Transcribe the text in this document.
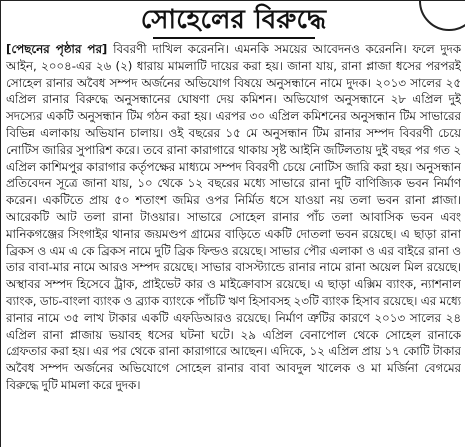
সোহেলের বিরুদ্ধে

[পেছনের পৃষ্ঠার পর] বিবরণী দাখিল করেননি। এমনকি সময়ের আবেদনও করেননি। ফলে দুদক আইন, ২০০৪-এর ২৬ (২) ধারায় মামলাটি দায়ের করা হয়। জানা যায়, রানা প্লাজা ধসের পরপরই সোহেল রানার অবৈধ সম্পদ অর্জনের অভিযোগ বিষয়ে অনুসন্ধানে নামে দুদক। ২০১৩ সালের ২৫ এপ্রিল রানার বিরুদ্ধে অনুসন্ধানের ঘোষণা দেয় কমিশন। অভিযোগ অনুসন্ধানে ২৮ এপ্রিল দুই সদস্যের একটি অনুসন্ধান টিম গঠন করা হয়। এরপর ৩০ এপ্রিল কমিশনের অনুসন্ধান টিম সাভারের বিভিন্ন এলাকায় অভিযান চালায়। ওই বছরের ১৫ মে অনুসন্ধান টিম রানার সম্পদ বিবরণী চেয়ে নোটিস জারির সুপারিশ করে। তবে রানা কারাগারে থাকায় সৃষ্ট আইনি জটিলতায় দুই বছর পর গত ২ এপ্রিল কাশিমপুর কারাগার কর্তৃপক্ষের মাধ্যমে সম্পদ বিবরণী চেয়ে নোটিস জারি করা হয়। অনুসন্ধান প্রতিবেদন সূত্রে জানা যায়, ১০ থেকে ১২ বছরের মধ্যে সাভারে রানা দুটি বাণিজ্যিক ভবন নির্মাণ করেন। একটিতে প্রায় ৫০ শতাংশ জমির ওপর নির্মিত ধসে যাওয়া নয় তলা ভবন রানা প্লাজা। আরেকটি আট তলা রানা টাওয়ার। সাভারে সোহেল রানার পাঁচ তলা আবাসিক ভবন এবং মানিকগঞ্জের সিংগাইর থানার জয়মণ্ডপ গ্রামের বাড়িতে একটি দোতলা ভবন রয়েছে। এ ছাড়া রানা ব্রিকস ও এম এ কে ব্রিকস নামে দুটি ব্রিক ফিল্ডও রয়েছে। সাভার পৌর এলাকা ও এর বাইরে রানা ও তার বাবা-মার নামে আরও সম্পদ রয়েছে। সাভার বাসস্ট্যান্ডে রানার নামে রানা অয়েল মিল রয়েছে। অস্থাবর সম্পদ হিসেবে ট্রাক, প্রাইভেট কার ও মাইক্রোবাস রয়েছে। এ ছাড়া এক্সিম ব্যাংক, ন্যাশনাল ব্যাংক, ডাচ-বাংলা ব্যাংক ও ব্র্যাক ব্যাংকে পাঁচটি ঋণ হিসাবসহ ২৩টি ব্যাংক হিসাব রয়েছে। এর মধ্যে রানার নামে ৩৫ লাখ টাকার একটি এফডিআরও রয়েছে। নির্মাণ ত্রুটির কারণে ২০১৩ সালের ২৪ এপ্রিল রানা প্লাজায় ভয়াবহ ধসের ঘটনা ঘটে। ২৯ এপ্রিল বেনাপোল থেকে সোহেল রানাকে গ্রেফতার করা হয়। এর পর থেকে রানা কারাগারে আছেন। এদিকে, ১২ এপ্রিল প্রায় ১৭ কোটি টাকার অবৈধ সম্পদ অর্জনের অভিযোগে সোহেল রানার বাবা আবদুল খালেক ও মা মর্জিনা বেগমের বিরুদ্ধে দুটি মামলা করে দুদক।
